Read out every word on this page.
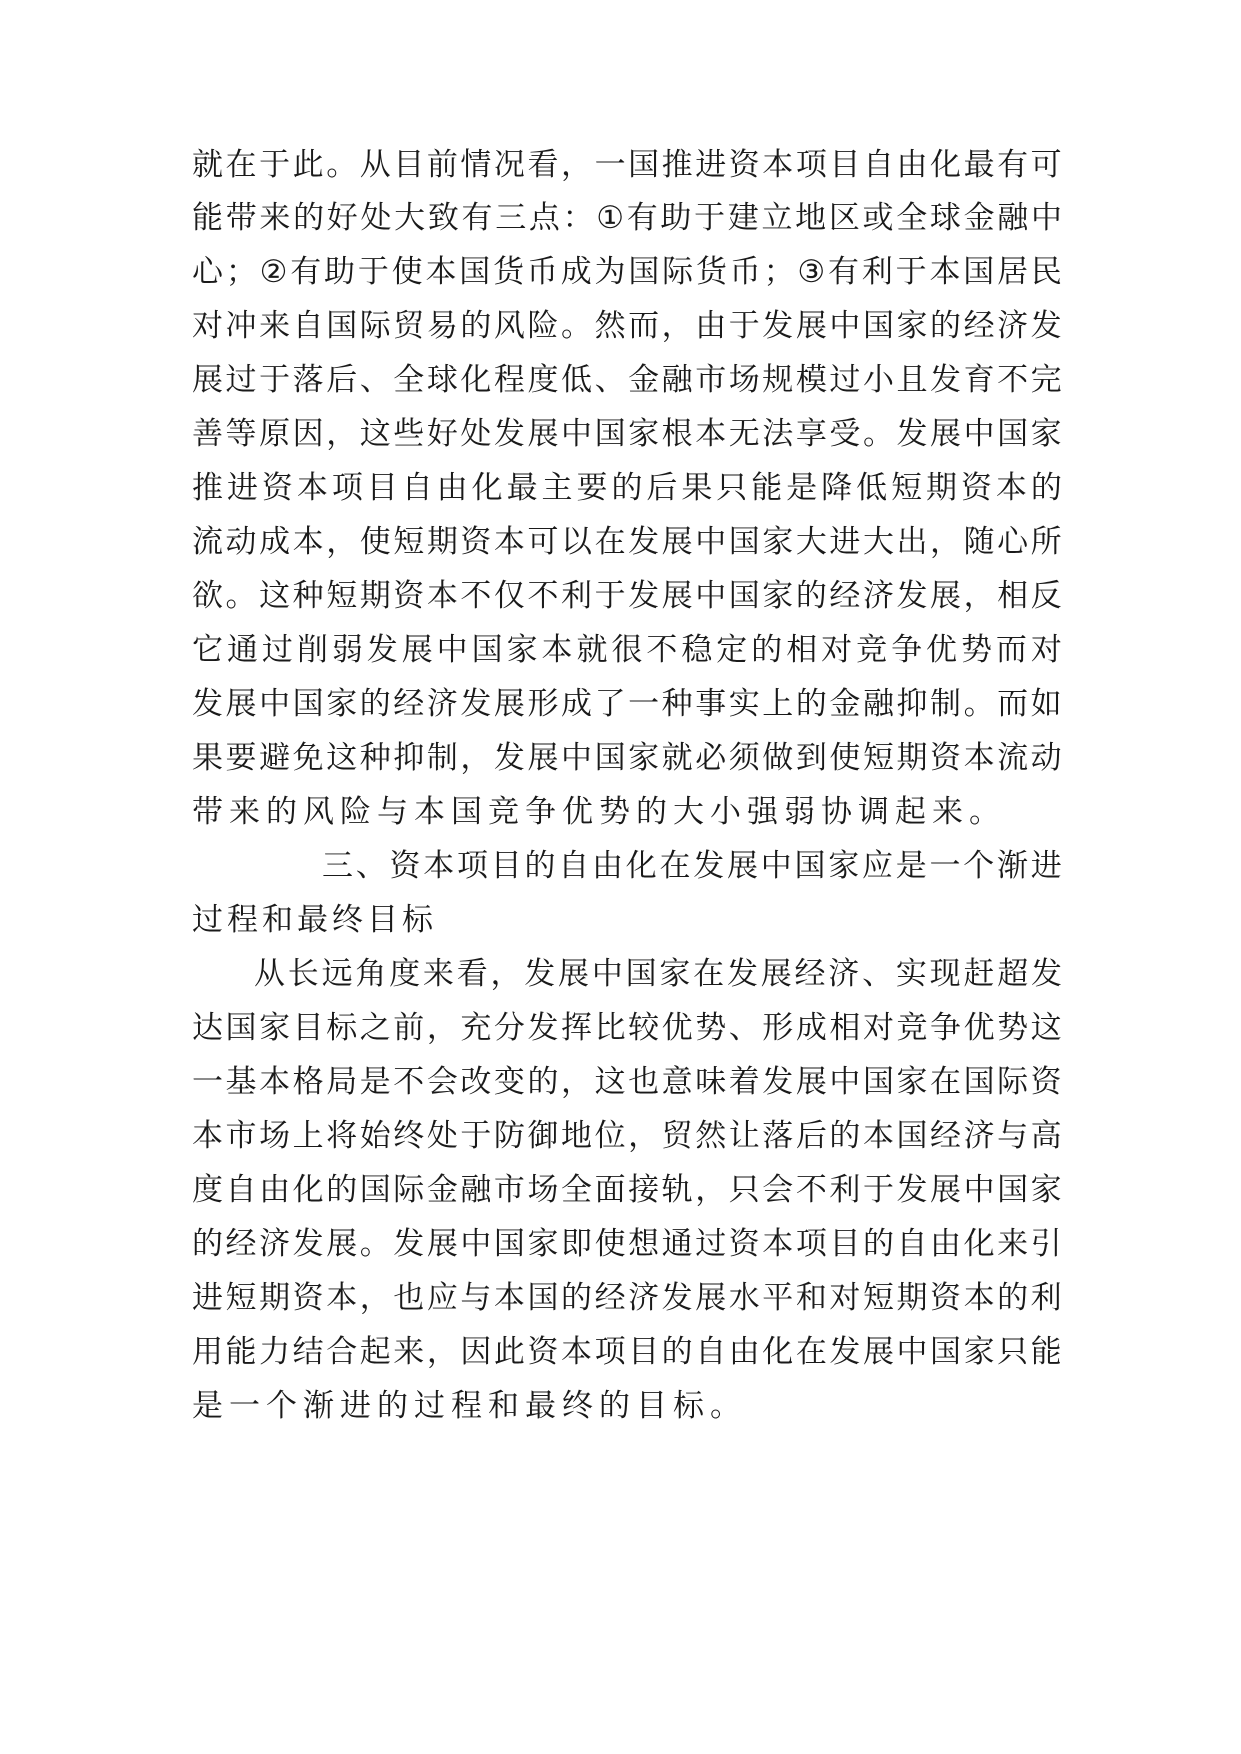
就 在 于 此 。 从 目 前 情 况 看 ， 一 国 推 进 资 本 项 目 自 由 化 最 有 可
能 带 来 的 好 处 大 致 有 三 点 ： ① 有 助 于 建 立 地 区 或 全 球 金 融 中
心 ； ② 有 助 于 使 本 国 货 币 成 为 国 际 货 币 ； ③ 有 利 于 本 国 居 民
对 冲 来 自 国 际 贸 易 的 风 险 。 然 而 ， 由 于 发 展 中 国 家 的 经 济 发
展 过 于 落 后 、 全 球 化 程 度 低 、 金 融 市 场 规 模 过 小 且 发 育 不 完
善 等 原 因 ， 这 些 好 处 发 展 中 国 家 根 本 无 法 享 受 。 发 展 中 国 家
推 进 资 本 项 目 自 由 化 最 主 要 的 后 果 只 能 是 降 低 短 期 资 本 的
流 动 成 本 ， 使 短 期 资 本 可 以 在 发 展 中 国 家 大 进 大 出 ， 随 心 所
欲 。 这 种 短 期 资 本 不 仅 不 利 于 发 展 中 国 家 的 经 济 发 展 ， 相 反
它 通 过 削 弱 发 展 中 国 家 本 就 很 不 稳 定 的 相 对 竞 争 优 势 而 对
发 展 中 国 家 的 经 济 发 展 形 成 了 一 种 事 实 上 的 金 融 抑 制 。 而 如
果 要 避 免 这 种 抑 制 ， 发 展 中 国 家 就 必 须 做 到 使 短 期 资 本 流 动
带来的风险与本国竞争优势的大小强弱协调起来。
三 、 资 本 项 目 的 自 由 化 在 发 展 中 国 家 应 是 一 个 渐 进
过程和最终目标
从 长 远 角 度 来 看 ， 发 展 中 国 家 在 发 展 经 济 、 实 现 赶 超 发
达 国 家 目 标 之 前 ， 充 分 发 挥 比 较 优 势 、 形 成 相 对 竞 争 优 势 这
一 基 本 格 局 是 不 会 改 变 的 ， 这 也 意 味 着 发 展 中 国 家 在 国 际 资
本 市 场 上 将 始 终 处 于 防 御 地 位 ， 贸 然 让 落 后 的 本 国 经 济 与 高
度 自 由 化 的 国 际 金 融 市 场 全 面 接 轨 ， 只 会 不 利 于 发 展 中 国 家
的 经 济 发 展 。 发 展 中 国 家 即 使 想 通 过 资 本 项 目 的 自 由 化 来 引
进 短 期 资 本 ， 也 应 与 本 国 的 经 济 发 展 水 平 和 对 短 期 资 本 的 利
用 能 力 结 合 起 来 ， 因 此 资 本 项 目 的 自 由 化 在 发 展 中 国 家 只 能
是一个渐进的过程和最终的目标。
